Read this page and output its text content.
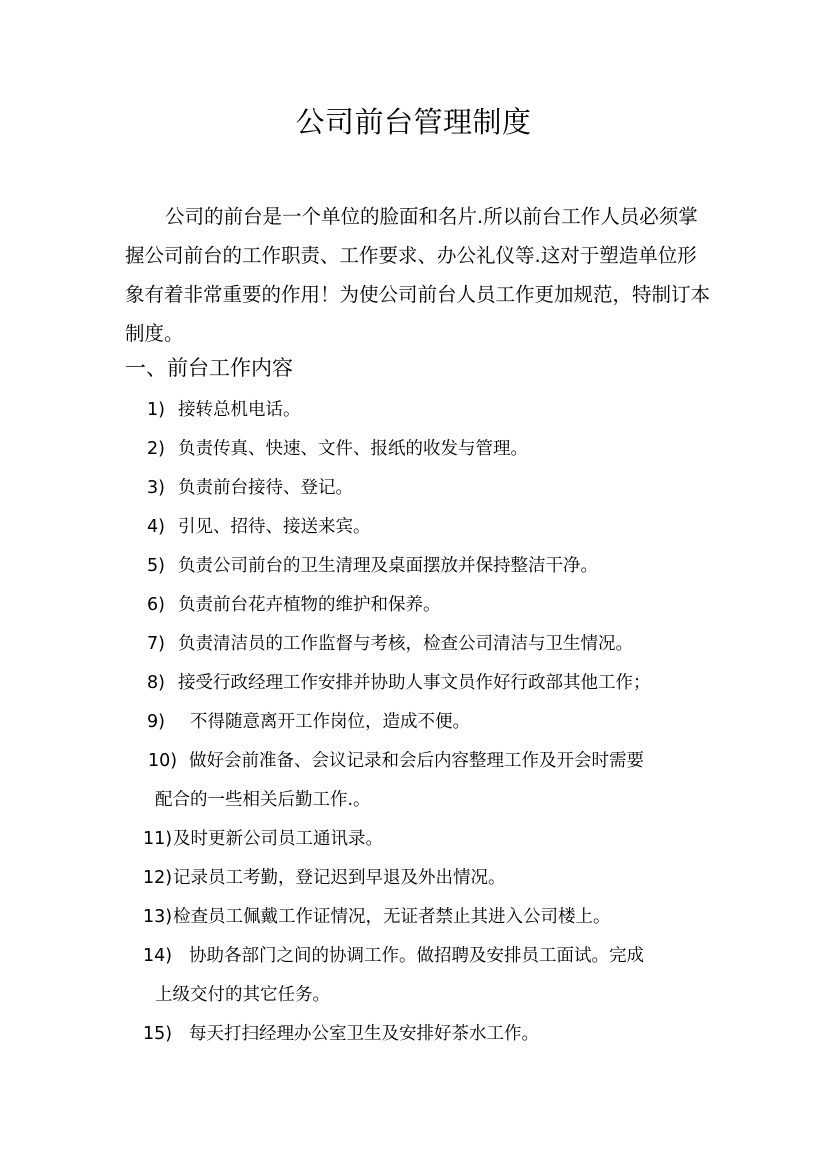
公司前台管理制度
公司的前台是一个单位的脸面和名片.所以前台工作人员必须掌
握公司前台的工作职责、工作要求、办公礼仪等.这对于塑造单位形
象有着非常重要的作用！为使公司前台人员工作更加规范，特制订本
制度。
一、前台工作内容
1) 接转总机电话。
2) 负责传真、快速、文件、报纸的收发与管理。
3) 负责前台接待、登记。
4) 引见、招待、接送来宾。
5) 负责公司前台的卫生清理及桌面摆放并保持整洁干净。
6) 负责前台花卉植物的维护和保养。
7) 负责清洁员的工作监督与考核，检查公司清洁与卫生情况。
8) 接受行政经理工作安排并协助人事文员作好行政部其他工作；
9) 不得随意离开工作岗位，造成不便。
10) 做好会前准备、会议记录和会后内容整理工作及开会时需要
配合的一些相关后勤工作.。
11) 及时更新公司员工通讯录。
12) 记录员工考勤，登记迟到早退及外出情况。
13) 检查员工佩戴工作证情况，无证者禁止其进入公司楼上。
14) 协助各部门之间的协调工作。做招聘及安排员工面试。完成
上级交付的其它任务。
15) 每天打扫经理办公室卫生及安排好茶水工作。
